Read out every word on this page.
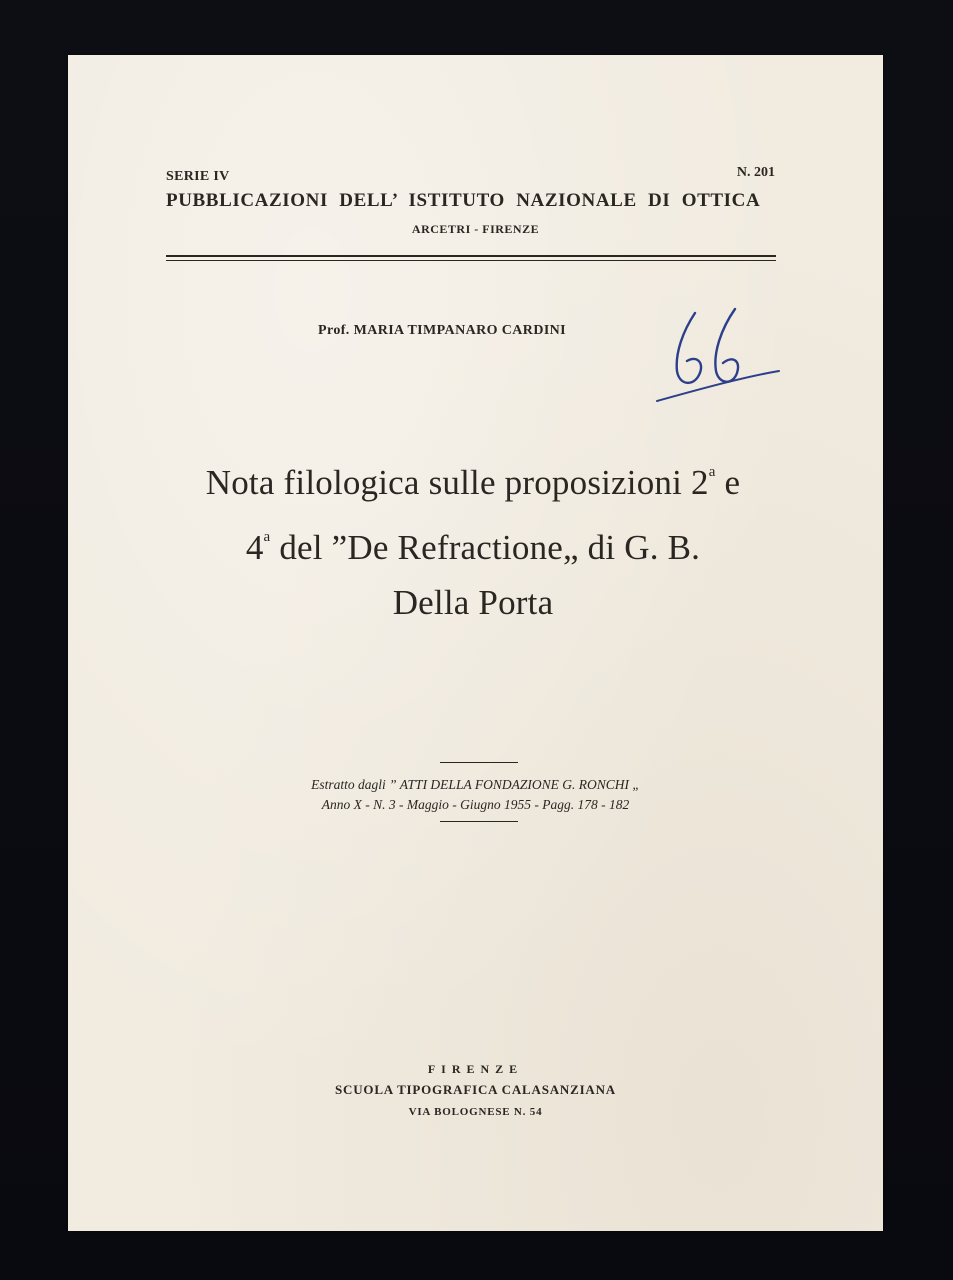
SERIE IV	N. 201
PUBBLICAZIONI DELL’ ISTITUTO NAZIONALE DI OTTICA
ARCETRI - FIRENZE
Prof. MARIA TIMPANARO CARDINI
Nota filologica sulle proposizioni 2$^a$ e
4$^a$ del ”De Refractione„ di G. B.
Della Porta
Estratto dagli ” ATTI DELLA FONDAZIONE G. RONCHI „
Anno X - N. 3 - Maggio - Giugno 1955 - Pagg. 178 - 182
FIRENZE
SCUOLA TIPOGRAFICA CALASANZIANA
VIA BOLOGNESE N. 54
